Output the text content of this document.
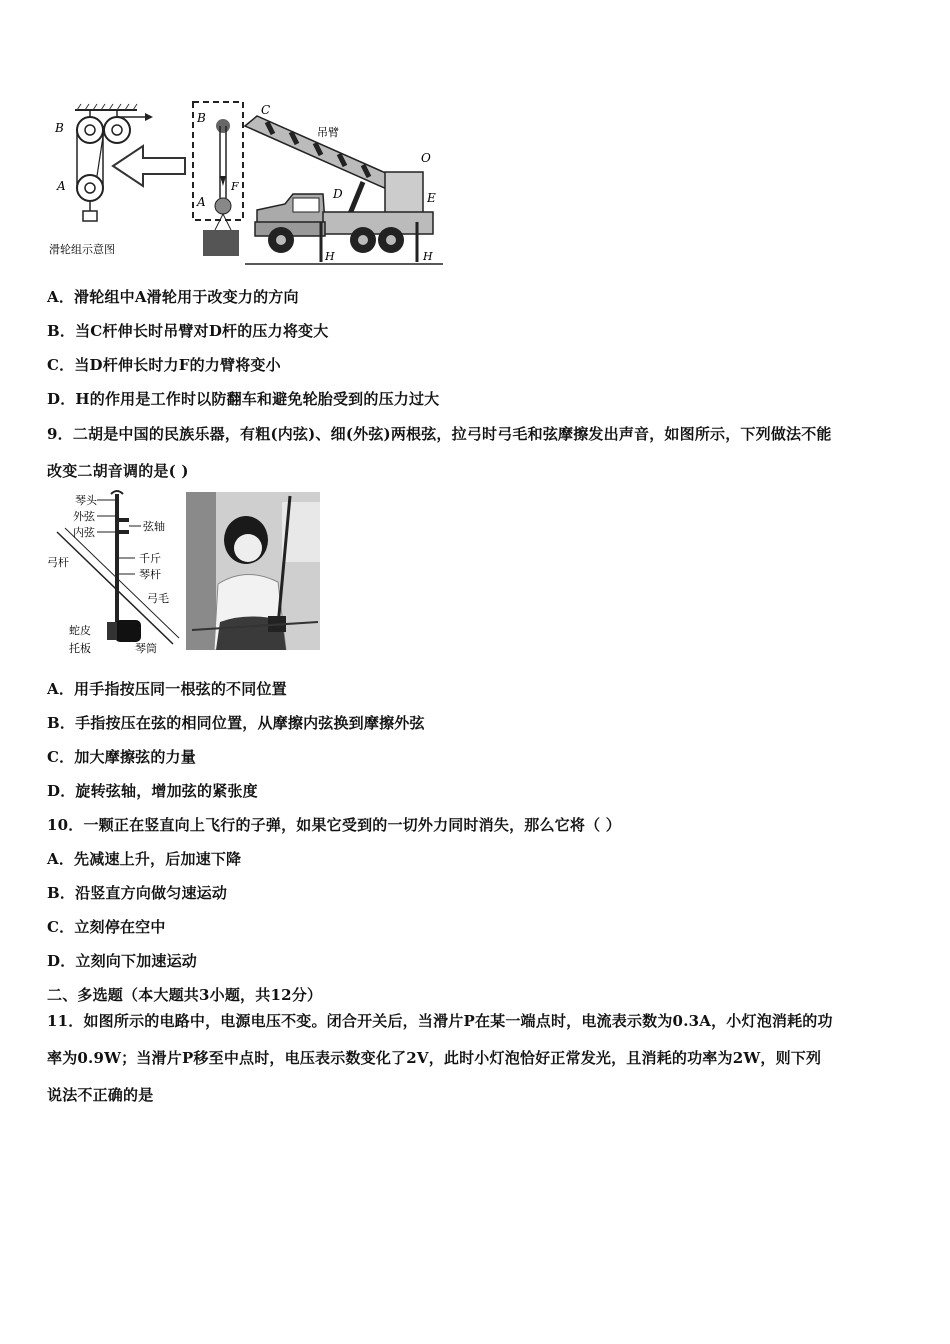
B
A
滑轮组示意图
B
A
F
C
吊臂
O
D	E
H	H
A．滑轮组中A滑轮用于改变力的方向
B．当C杆伸长时吊臂对D杆的压力将变大
C．当D杆伸长时力F的力臂将变小
D．H的作用是工作时以防翻车和避免轮胎受到的压力过大
9．二胡是中国的民族乐器，有粗(内弦)、细(外弦)两根弦，拉弓时弓毛和弦摩擦发出声音，如图所示，下列做法不能
改变二胡音调的是( )
琴头
外弦
内弦	弦轴
弓杆	千斤
琴杆
弓毛
蛇皮
托板	琴筒
A．用手指按压同一根弦的不同位置
B．手指按压在弦的相同位置，从摩擦内弦换到摩擦外弦
C．加大摩擦弦的力量
D．旋转弦轴，增加弦的紧张度
10．一颗正在竖直向上飞行的子弹，如果它受到的一切外力同时消失，那么它将（ ）
A．先减速上升，后加速下降
B．沿竖直方向做匀速运动
C．立刻停在空中
D．立刻向下加速运动
二、多选题（本大题共3小题，共12分）
11．如图所示的电路中，电源电压不变。闭合开关后，当滑片P在某一端点时，电流表示数为0.3A，小灯泡消耗的功
率为0.9W；当滑片P移至中点时，电压表示数变化了2V，此时小灯泡恰好正常发光，且消耗的功率为2W，则下列
说法不正确的是
